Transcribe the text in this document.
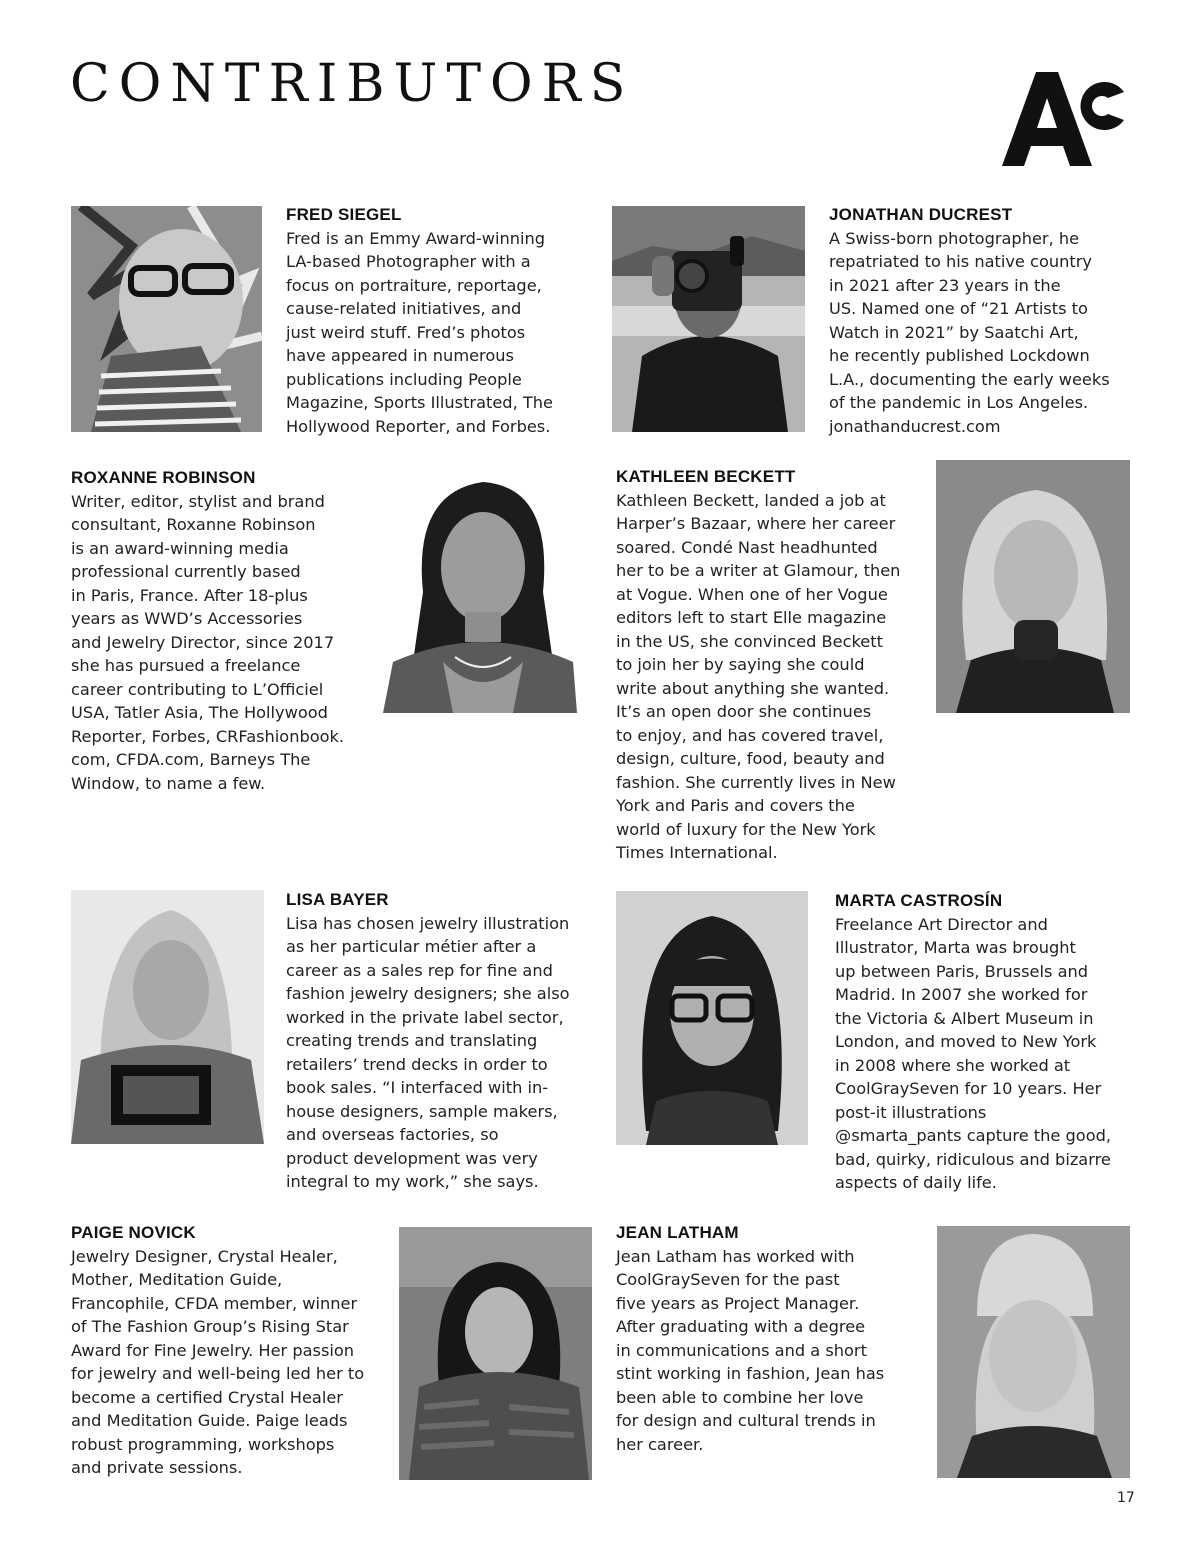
CONTRIBUTORS
FRED SIEGEL
Fred is an Emmy Award-winning
LA-based Photographer with a
focus on portraiture, reportage,
cause-related initiatives, and
just weird stuff. Fred’s photos
have appeared in numerous
publications including People
Magazine, Sports Illustrated, The
Hollywood Reporter, and Forbes.
JONATHAN DUCREST
A Swiss-born photographer, he
repatriated to his native country
in 2021 after 23 years in the
US. Named one of “21 Artists to
Watch in 2021” by Saatchi Art,
he recently published Lockdown
L.A., documenting the early weeks
of the pandemic in Los Angeles.
jonathanducrest.com
ROXANNE ROBINSON
Writer, editor, stylist and brand
consultant, Roxanne Robinson
is an award-winning media
professional currently based
in Paris, France. After 18-plus
years as WWD’s Accessories
and Jewelry Director, since 2017
she has pursued a freelance
career contributing to L’Officiel
USA, Tatler Asia, The Hollywood
Reporter, Forbes, CRFashionbook.
com, CFDA.com, Barneys The
Window, to name a few.
KATHLEEN BECKETT
Kathleen Beckett, landed a job at
Harper’s Bazaar, where her career
soared. Condé Nast headhunted
her to be a writer at Glamour, then
at Vogue. When one of her Vogue
editors left to start Elle magazine
in the US, she convinced Beckett
to join her by saying she could
write about anything she wanted.
It’s an open door she continues
to enjoy, and has covered travel,
design, culture, food, beauty and
fashion. She currently lives in New
York and Paris and covers the
world of luxury for the New York
Times International.
LISA BAYER
Lisa has chosen jewelry illustration
as her particular métier after a
career as a sales rep for fine and
fashion jewelry designers; she also
worked in the private label sector,
creating trends and translating
retailers’ trend decks in order to
book sales. “I interfaced with in-
house designers, sample makers,
and overseas factories, so
product development was very
integral to my work,” she says.
MARTA CASTROSÍN
Freelance Art Director and
Illustrator, Marta was brought
up between Paris, Brussels and
Madrid. In 2007 she worked for
the Victoria & Albert Museum in
London, and moved to New York
in 2008 where she worked at
CoolGraySeven for 10 years. Her
post-it illustrations
@smarta_pants capture the good,
bad, quirky, ridiculous and bizarre
aspects of daily life.
PAIGE NOVICK
Jewelry Designer, Crystal Healer,
Mother, Meditation Guide,
Francophile, CFDA member, winner
of The Fashion Group’s Rising Star
Award for Fine Jewelry. Her passion
for jewelry and well-being led her to
become a certified Crystal Healer
and Meditation Guide. Paige leads
robust programming, workshops
and private sessions.
JEAN LATHAM
Jean Latham has worked with
CoolGraySeven for the past
five years as Project Manager.
After graduating with a degree
in communications and a short
stint working in fashion, Jean has
been able to combine her love
for design and cultural trends in
her career.
17
